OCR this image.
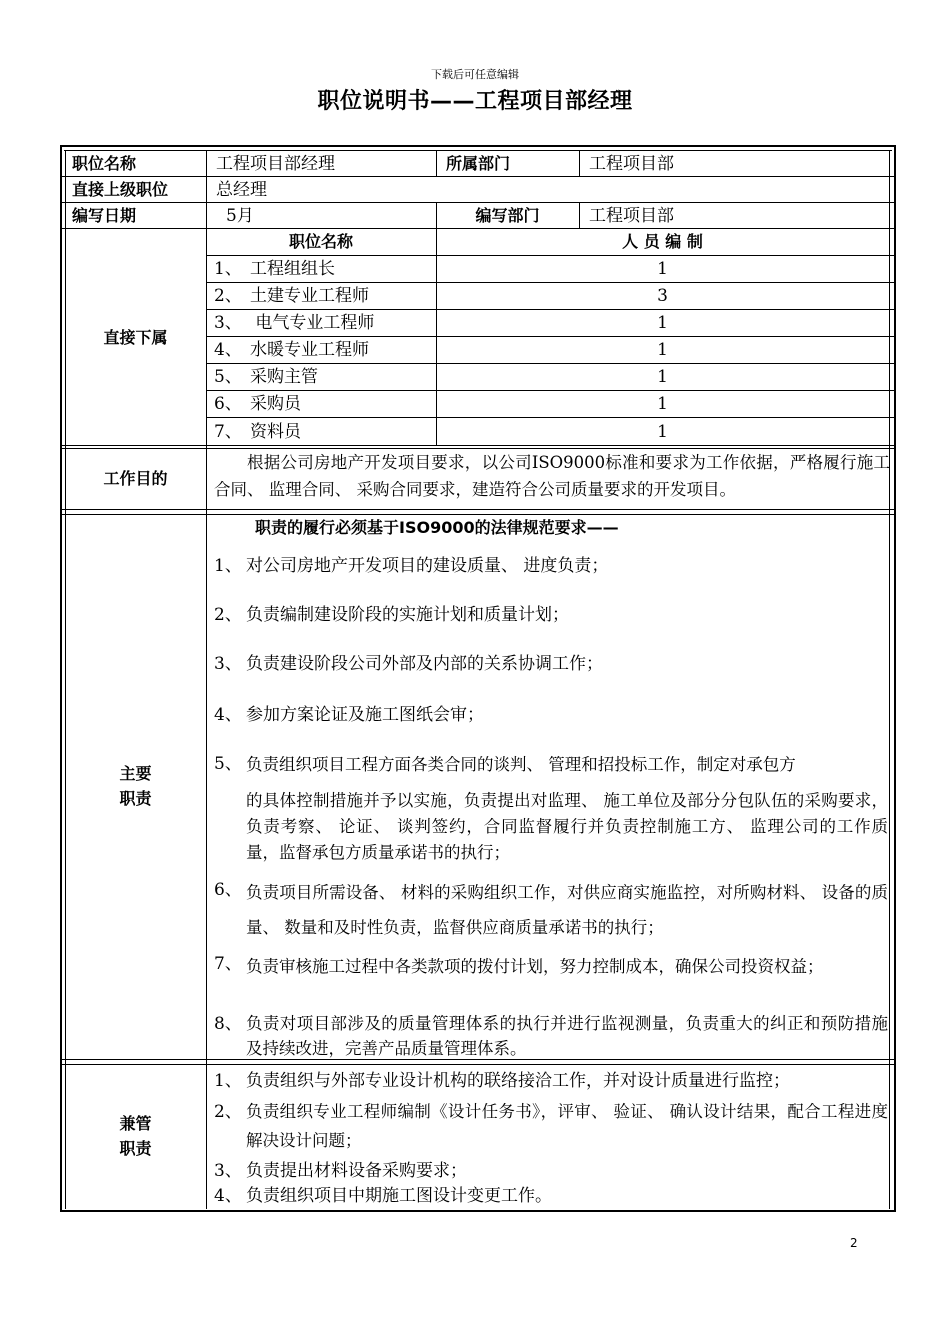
下载后可任意编辑
职位说明书——工程项目部经理
职位名称	工程项目部经理	所属部门	工程项目部
直接上级职位	总经理
编写日期	5月	编写部门	工程项目部
直接下属
职位名称	人 员 编 制
1、 工程组组长	1
2、 土建专业工程师	3
3、 电气专业工程师	1
4、 水暖专业工程师	1
5、 采购主管	1
6、 采购员	1
7、 资料员	1
工作目的
根据公司房地产开发项目要求，以公司ISO9000标准和要求为工作依据，严格履行施工合同、 监理合同、 采购合同要求，建造符合公司质量要求的开发项目。
主要
职责
职责的履行必须基于ISO9000的法律规范要求——
1、 对公司房地产开发项目的建设质量、 进度负责；
2、 负责编制建设阶段的实施计划和质量计划；
3、 负责建设阶段公司外部及内部的关系协调工作；
4、 参加方案论证及施工图纸会审；
5、 负责组织项目工程方面各类合同的谈判、 管理和招投标工作，制定对承包方
的具体控制措施并予以实施，负责提出对监理、 施工单位及部分分包队伍的采购要求，负责考察、 论证、 谈判签约，合同监督履行并负责控制施工方、 监理公司的工作质量，监督承包方质量承诺书的执行；
6、 负责项目所需设备、 材料的采购组织工作，对供应商实施监控，对所购材料、 设备的质量、 数量和及时性负责，监督供应商质量承诺书的执行；
7、 负责审核施工过程中各类款项的拨付计划，努力控制成本，确保公司投资权益；
8、 负责对项目部涉及的质量管理体系的执行并进行监视测量，负责重大的纠正和预防措施及持续改进，完善产品质量管理体系。
兼管
职责
1、 负责组织与外部专业设计机构的联络接洽工作，并对设计质量进行监控；
2、 负责组织专业工程师编制《设计任务书》，评审、 验证、 确认设计结果，配合工程进度解决设计问题；
3、 负责提出材料设备采购要求；
4、 负责组织项目中期施工图设计变更工作。
2
